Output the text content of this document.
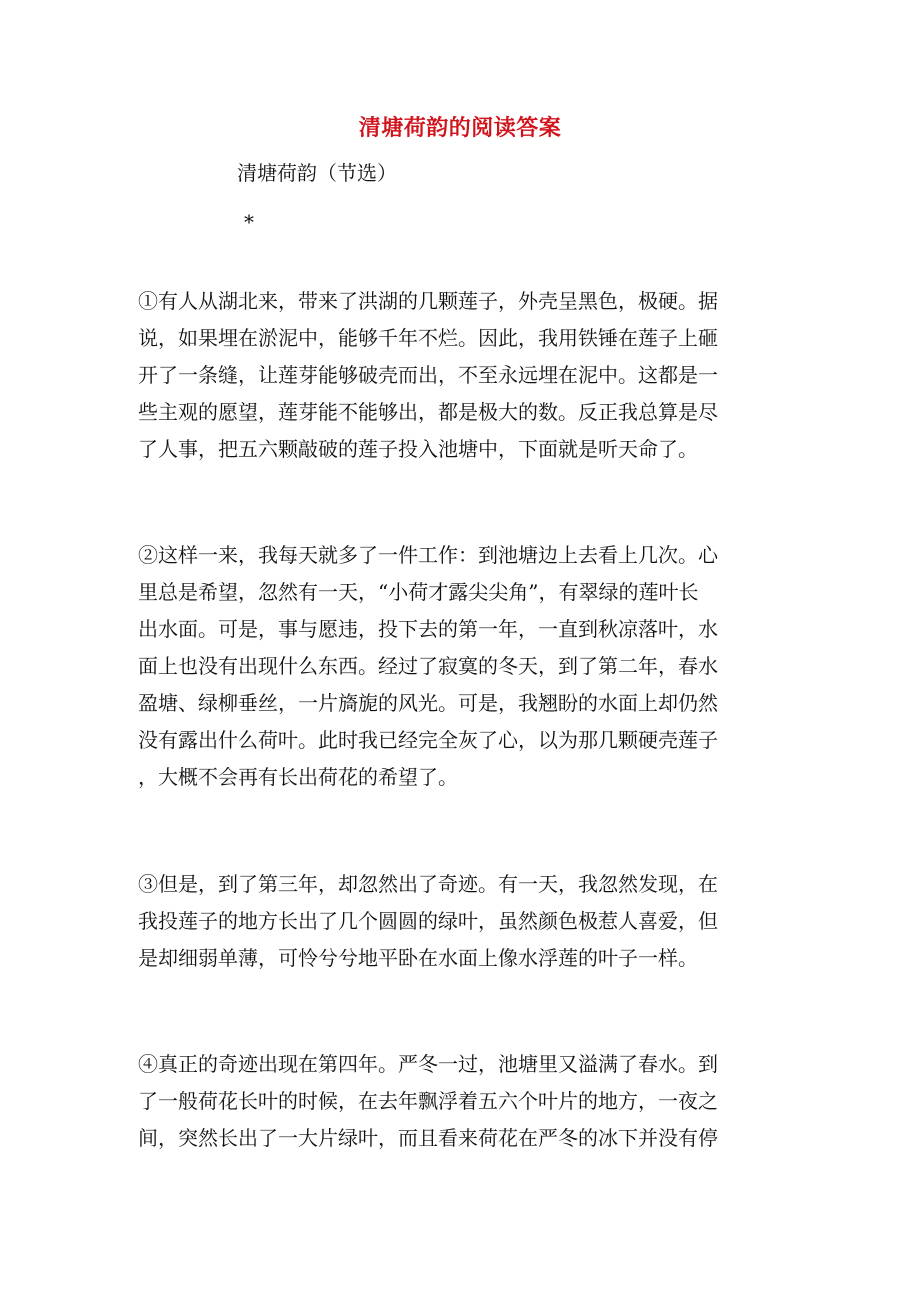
清塘荷韵的阅读答案
清塘荷韵（节选）
*
①有人从湖北来，带来了洪湖的几颗莲子，外壳呈黑色，极硬。据
说，如果埋在淤泥中，能够千年不烂。因此，我用铁锤在莲子上砸
开了一条缝，让莲芽能够破壳而出，不至永远埋在泥中。这都是一
些主观的愿望，莲芽能不能够出，都是极大的数。反正我总算是尽
了人事，把五六颗敲破的莲子投入池塘中，下面就是听天命了。
②这样一来，我每天就多了一件工作：到池塘边上去看上几次。心
里总是希望，忽然有一天，“小荷才露尖尖角”，有翠绿的莲叶长
出水面。可是，事与愿违，投下去的第一年，一直到秋凉落叶，水
面上也没有出现什么东西。经过了寂寞的冬天，到了第二年，春水
盈塘、绿柳垂丝，一片旖旎的风光。可是，我翘盼的水面上却仍然
没有露出什么荷叶。此时我已经完全灰了心，以为那几颗硬壳莲子
，大概不会再有长出荷花的希望了。
③但是，到了第三年，却忽然出了奇迹。有一天，我忽然发现，在
我投莲子的地方长出了几个圆圆的绿叶，虽然颜色极惹人喜爱，但
是却细弱单薄，可怜兮兮地平卧在水面上像水浮莲的叶子一样。
④真正的奇迹出现在第四年。严冬一过，池塘里又溢满了春水。到
了一般荷花长叶的时候，在去年飘浮着五六个叶片的地方，一夜之
间，突然长出了一大片绿叶，而且看来荷花在严冬的冰下并没有停
